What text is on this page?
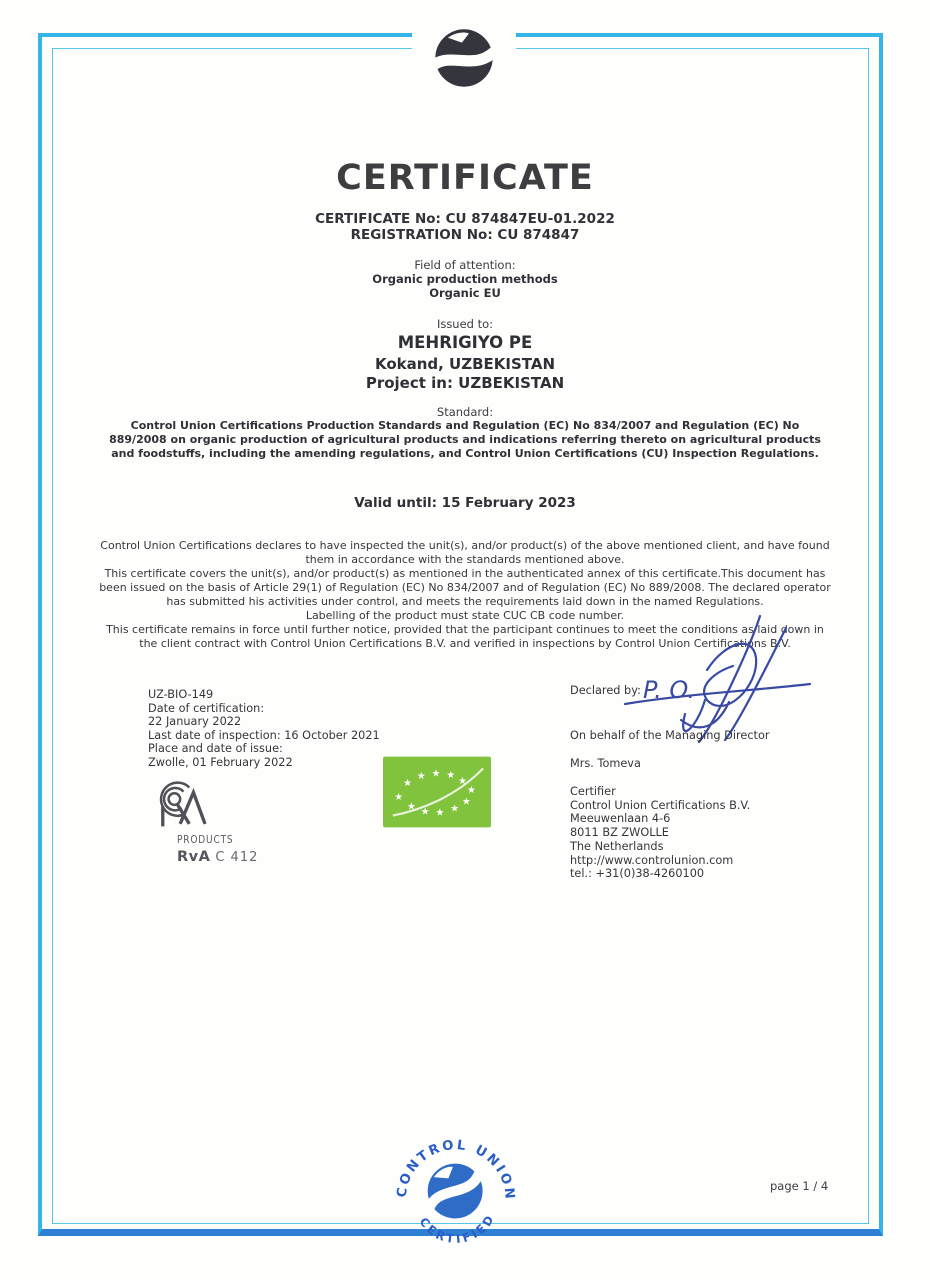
CERTIFICATE
CERTIFICATE No: CU 874847EU-01.2022
REGISTRATION No: CU 874847
Field of attention:
Organic production methods
Organic EU
Issued to:
MEHRIGIYO PE
Kokand, UZBEKISTAN
Project in: UZBEKISTAN
Standard:
Control Union Certifications Production Standards and Regulation (EC) No 834/2007 and Regulation (EC) No 889/2008 on organic production of agricultural products and indications referring thereto on agricultural products and foodstuffs, including the amending regulations, and Control Union Certifications (CU) Inspection Regulations.
Valid until: 15 February 2023

Control Union Certifications declares to have inspected the unit(s), and/or product(s) of the above mentioned client, and have found them in accordance with the standards mentioned above.

This certificate covers the unit(s), and/or product(s) as mentioned in the authenticated annex of this certificate.This document has been issued on the basis of Article 29(1) of Regulation (EC) No 834/2007 and of Regulation (EC) No 889/2008. The declared operator has submitted his activities under control, and meets the requirements laid down in the named Regulations.

Labelling of the product must state CUC CB code number.

This certificate remains in force until further notice, provided that the participant continues to meet the conditions as laid down in the client contract with Control Union Certifications B.V. and verified in inspections by Control Union Certifications B.V.

UZ-BIO-149
Date of certification:
22 January 2022
Last date of inspection: 16 October 2021
Place and date of issue:
Zwolle, 01 February 2022
Declared by: P. O.
On behalf of the Managing Director
Mrs. Tomeva
Certifier
Control Union Certifications B.V.
Meeuwenlaan 4-6
8011 BZ ZWOLLE
The Netherlands
http://www.controlunion.com
tel.: +31(0)38-4260100
★
★ ★ ★
★
★
★
★
★
★
★
★
PRODUCTS
RvA C 412
CONTROL UNION
CERTIFIED
page 1 / 4
